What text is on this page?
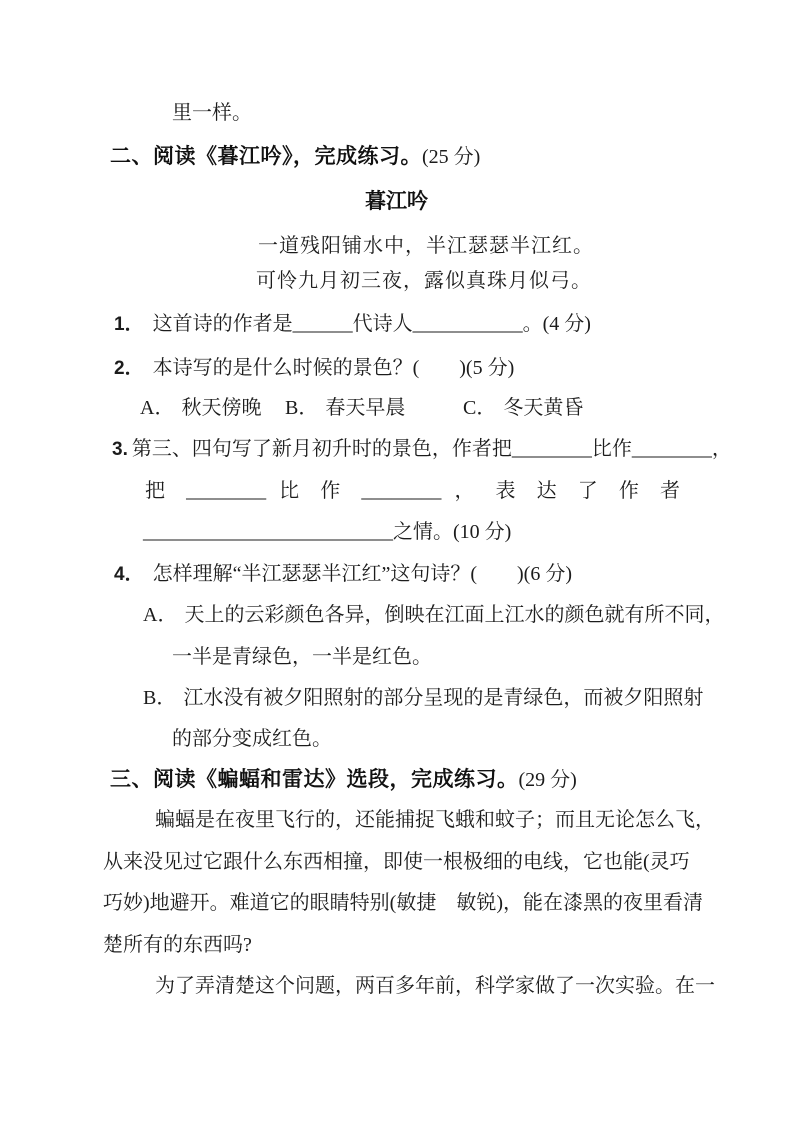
里一样。
二、阅读《暮江吟》，完成练习。(25 分)
暮江吟
一道残阳铺水中，半江瑟瑟半江红。
可怜九月初三夜，露似真珠月似弓。
1． 这首诗的作者是______代诗人___________。(4 分)
2． 本诗写的是什么时候的景色？(　　)(5 分)
A． 秋天傍晚 B． 春天早晨	C． 冬天黄昏
3. 第三、四句写了新月初升时的景色，作者把________比作________，
把 ________ 比 作 ________ ， 表 达 了 作 者
_________________________之情。(10 分)
4． 怎样理解“半江瑟瑟半江红”这句诗？(　　)(6 分)
A． 天上的云彩颜色各异，倒映在江面上江水的颜色就有所不同，
一半是青绿色，一半是红色。
B． 江水没有被夕阳照射的部分呈现的是青绿色，而被夕阳照射
的部分变成红色。
三、阅读《蝙蝠和雷达》选段，完成练习。(29 分)
蝙蝠是在夜里飞行的，还能捕捉飞蛾和蚊子；而且无论怎么飞，
从来没见过它跟什么东西相撞，即使一根极细的电线，它也能(灵巧
巧妙)地避开。难道它的眼睛特别(敏捷　敏锐)，能在漆黑的夜里看清
楚所有的东西吗?
为了弄清楚这个问题，两百多年前，科学家做了一次实验。在一
